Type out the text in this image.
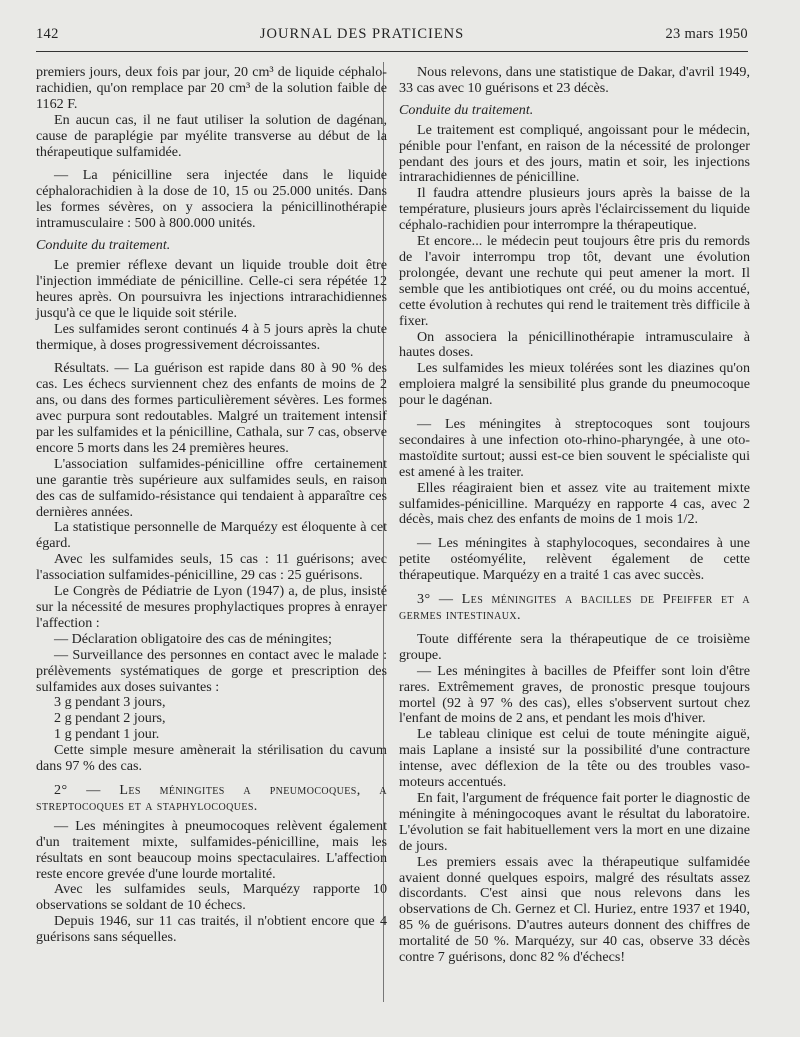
142	JOURNAL DES PRATICIENS	23 mars 1950

premiers jours, deux fois par jour, 20 cm³ de liquide céphalo-rachidien, qu'on remplace par 20 cm³ de la solution faible de 1162 F.

En aucun cas, il ne faut utiliser la solution de dagénan, cause de paraplégie par myélite transverse au début de la thérapeutique sulfamidée.

— La pénicilline sera injectée dans le liquide céphalorachidien à la dose de 10, 15 ou 25.000 unités. Dans les formes sévères, on y associera la pénicillinothérapie intramusculaire : 500 à 800.000 unités.

Conduite du traitement.

Le premier réflexe devant un liquide trouble doit être l'injection immédiate de pénicilline. Celle-ci sera répétée 12 heures après. On poursuivra les injections intrarachidiennes jusqu'à ce que le liquide soit stérile.

Les sulfamides seront continués 4 à 5 jours après la chute thermique, à doses progressivement décroissantes.

Résultats. — La guérison est rapide dans 80 à 90 % des cas. Les échecs surviennent chez des enfants de moins de 2 ans, ou dans des formes particulièrement sévères. Les formes avec purpura sont redoutables. Malgré un traitement intensif par les sulfamides et la pénicilline, Cathala, sur 7 cas, observe encore 5 morts dans les 24 premières heures.

L'association sulfamides-pénicilline offre certainement une garantie très supérieure aux sulfamides seuls, en raison des cas de sulfamido-résistance qui tendaient à apparaître ces dernières années.

La statistique personnelle de Marquézy est éloquente à cet égard.

Avec les sulfamides seuls, 15 cas : 11 guérisons; avec l'association sulfamides-pénicilline, 29 cas : 25 guérisons.

Le Congrès de Pédiatrie de Lyon (1947) a, de plus, insisté sur la nécessité de mesures prophylactiques propres à enrayer l'affection :

— Déclaration obligatoire des cas de méningites;

— Surveillance des personnes en contact avec le malade : prélèvements systématiques de gorge et prescription des sulfamides aux doses suivantes :

3 g pendant 3 jours,

2 g pendant 2 jours,

1 g pendant 1 jour.

Cette simple mesure amènerait la stérilisation du cavum dans 97 % des cas.

2° — Les méningites a pneumocoques, a streptocoques et a staphylocoques.

— Les méningites à pneumocoques relèvent également d'un traitement mixte, sulfamides-pénicilline, mais les résultats en sont beaucoup moins spectaculaires. L'affection reste encore grevée d'une lourde mortalité.

Avec les sulfamides seuls, Marquézy rapporte 10 observations se soldant de 10 échecs.

Depuis 1946, sur 11 cas traités, il n'obtient encore que 4 guérisons sans séquelles.

Nous relevons, dans une statistique de Dakar, d'avril 1949, 33 cas avec 10 guérisons et 23 décès.

Conduite du traitement.

Le traitement est compliqué, angoissant pour le médecin, pénible pour l'enfant, en raison de la nécessité de prolonger pendant des jours et des jours, matin et soir, les injections intrarachidiennes de pénicilline.

Il faudra attendre plusieurs jours après la baisse de la température, plusieurs jours après l'éclaircissement du liquide céphalo-rachidien pour interrompre la thérapeutique.

Et encore... le médecin peut toujours être pris du remords de l'avoir interrompu trop tôt, devant une évolution prolongée, devant une rechute qui peut amener la mort. Il semble que les antibiotiques ont créé, ou du moins accentué, cette évolution à rechutes qui rend le traitement très difficile à fixer.

On associera la pénicillinothérapie intramusculaire à hautes doses.

Les sulfamides les mieux tolérées sont les diazines qu'on emploiera malgré la sensibilité plus grande du pneumocoque pour le dagénan.

— Les méningites à streptocoques sont toujours secondaires à une infection oto-rhino-pharyngée, à une oto-mastoïdite surtout; aussi est-ce bien souvent le spécialiste qui est amené à les traiter.

Elles réagiraient bien et assez vite au traitement mixte sulfamides-pénicilline. Marquézy en rapporte 4 cas, avec 2 décès, mais chez des enfants de moins de 1 mois 1/2.

— Les méningites à staphylocoques, secondaires à une petite ostéomyélite, relèvent également de cette thérapeutique. Marquézy en a traité 1 cas avec succès.

3° — Les méningites a bacilles de Pfeiffer et a germes intestinaux.

Toute différente sera la thérapeutique de ce troisième groupe.

— Les méningites à bacilles de Pfeiffer sont loin d'être rares. Extrêmement graves, de pronostic presque toujours mortel (92 à 97 % des cas), elles s'observent surtout chez l'enfant de moins de 2 ans, et pendant les mois d'hiver.

Le tableau clinique est celui de toute méningite aiguë, mais Laplane a insisté sur la possibilité d'une contracture intense, avec déflexion de la tête ou des troubles vaso-moteurs accentués.

En fait, l'argument de fréquence fait porter le diagnostic de méningite à méningocoques avant le résultat du laboratoire. L'évolution se fait habituellement vers la mort en une dizaine de jours.

Les premiers essais avec la thérapeutique sulfamidée avaient donné quelques espoirs, malgré des résultats assez discordants. C'est ainsi que nous relevons dans les observations de Ch. Gernez et Cl. Huriez, entre 1937 et 1940, 85 % de guérisons. D'autres auteurs donnent des chiffres de mortalité de 50 %. Marquézy, sur 40 cas, observe 33 décès contre 7 guérisons, donc 82 % d'échecs!
